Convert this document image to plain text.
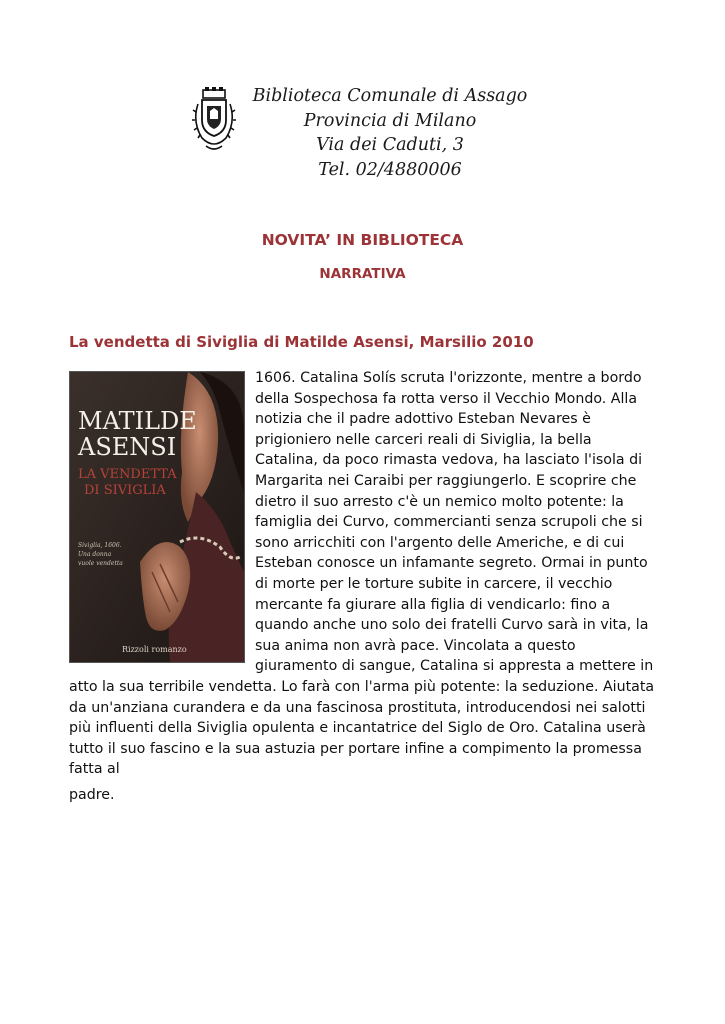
Biblioteca Comunale di Assago
Provincia di Milano
Via dei Caduti, 3
Tel. 02/4880006
NOVITA’ IN BIBLIOTECA
NARRATIVA
La vendetta di Siviglia di Matilde Asensi, Marsilio 2010
MATILDE
ASENSI
LA VENDETTA
DI SIVIGLIA
Siviglia, 1606.
Una donna
vuole vendetta
Rizzoli romanzo
1606. Catalina Solís scruta l'orizzonte, mentre a bordo della Sospechosa fa rotta verso il Vecchio Mondo. Alla notizia che il padre adottivo Esteban Nevares è prigioniero nelle carceri reali di Siviglia, la bella Catalina, da poco rimasta vedova, ha lasciato l'isola di Margarita nei Caraibi per raggiungerlo. E scoprire che dietro il suo arresto c'è un nemico molto potente: la famiglia dei Curvo, commercianti senza scrupoli che si sono arricchiti con l'argento delle Americhe, e di cui Esteban conosce un infamante segreto. Ormai in punto di morte per le torture subite in carcere, il vecchio mercante fa giurare alla figlia di vendicarlo: fino a quando anche uno solo dei fratelli Curvo sarà in vita, la sua anima non avrà pace. Vincolata a questo giuramento di sangue, Catalina si appresta a mettere in atto la sua terribile vendetta. Lo farà con l'arma più potente: la seduzione. Aiutata da un'anziana curandera e da una fascinosa prostituta, introducendosi nei salotti più influenti della Siviglia opulenta e incantatrice del Siglo de Oro. Catalina userà tutto il suo fascino e la sua astuzia per portare infine a compimento la promessa fatta al
padre.
